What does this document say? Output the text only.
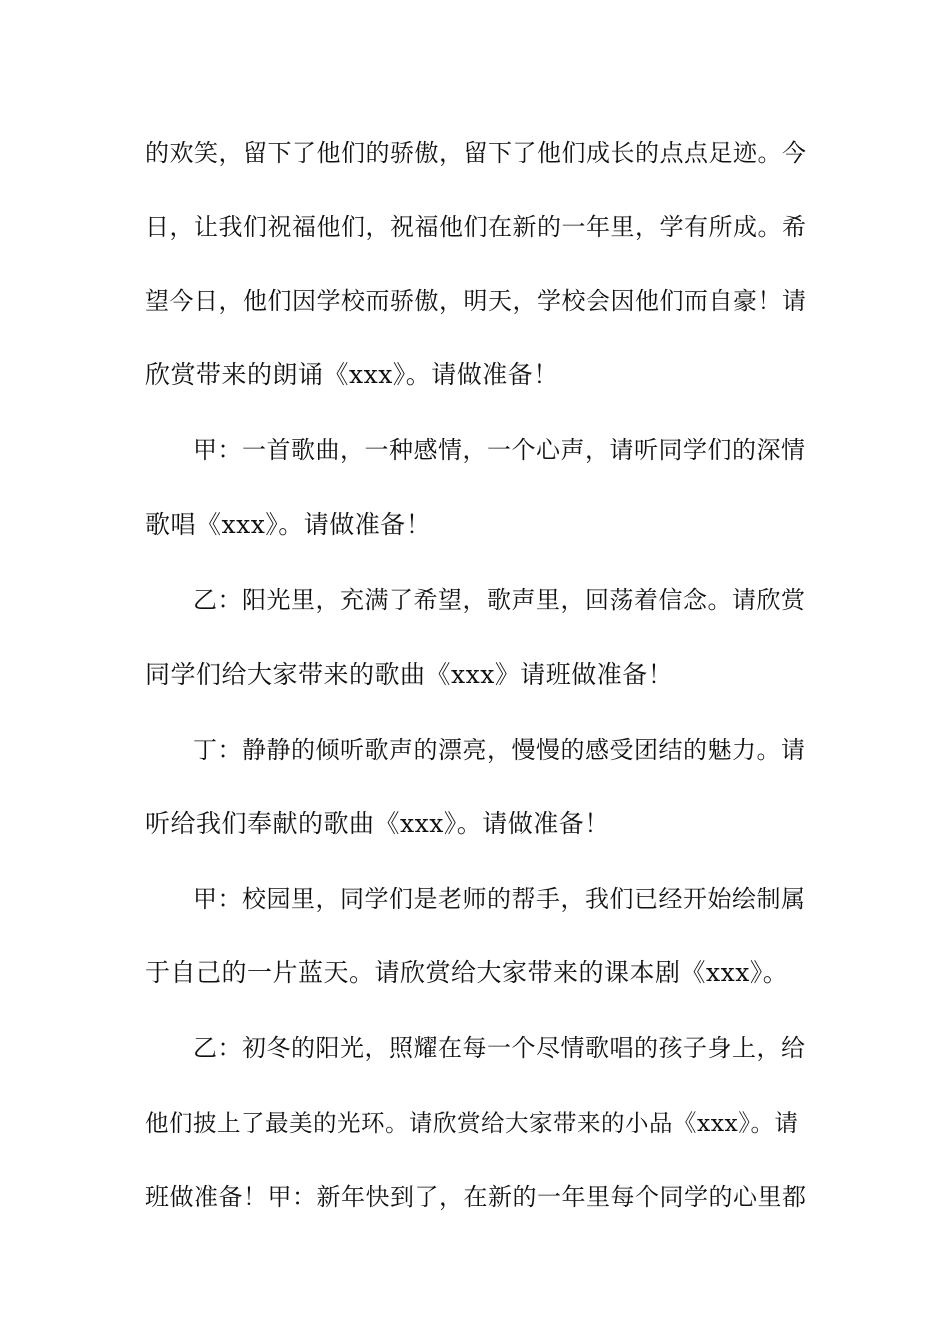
的欢笑，留下了他们的骄傲，留下了他们成长的点点足迹。今
日，让我们祝福他们，祝福他们在新的一年里，学有所成。希
望今日，他们因学校而骄傲，明天，学校会因他们而自豪！请
欣赏带来的朗诵《xxx》。请做准备！
甲：一首歌曲，一种感情，一个心声，请听同学们的深情
歌唱《xxx》。请做准备！
乙：阳光里，充满了希望，歌声里，回荡着信念。请欣赏
同学们给大家带来的歌曲《xxx》请班做准备！
丁：静静的倾听歌声的漂亮，慢慢的感受团结的魅力。请
听给我们奉献的歌曲《xxx》。请做准备！
甲：校园里，同学们是老师的帮手，我们已经开始绘制属
于自己的一片蓝天。请欣赏给大家带来的课本剧《xxx》。
乙：初冬的阳光，照耀在每一个尽情歌唱的孩子身上，给
他们披上了最美的光环。请欣赏给大家带来的小品《xxx》。请
班做准备！甲：新年快到了，在新的一年里每个同学的心里都
